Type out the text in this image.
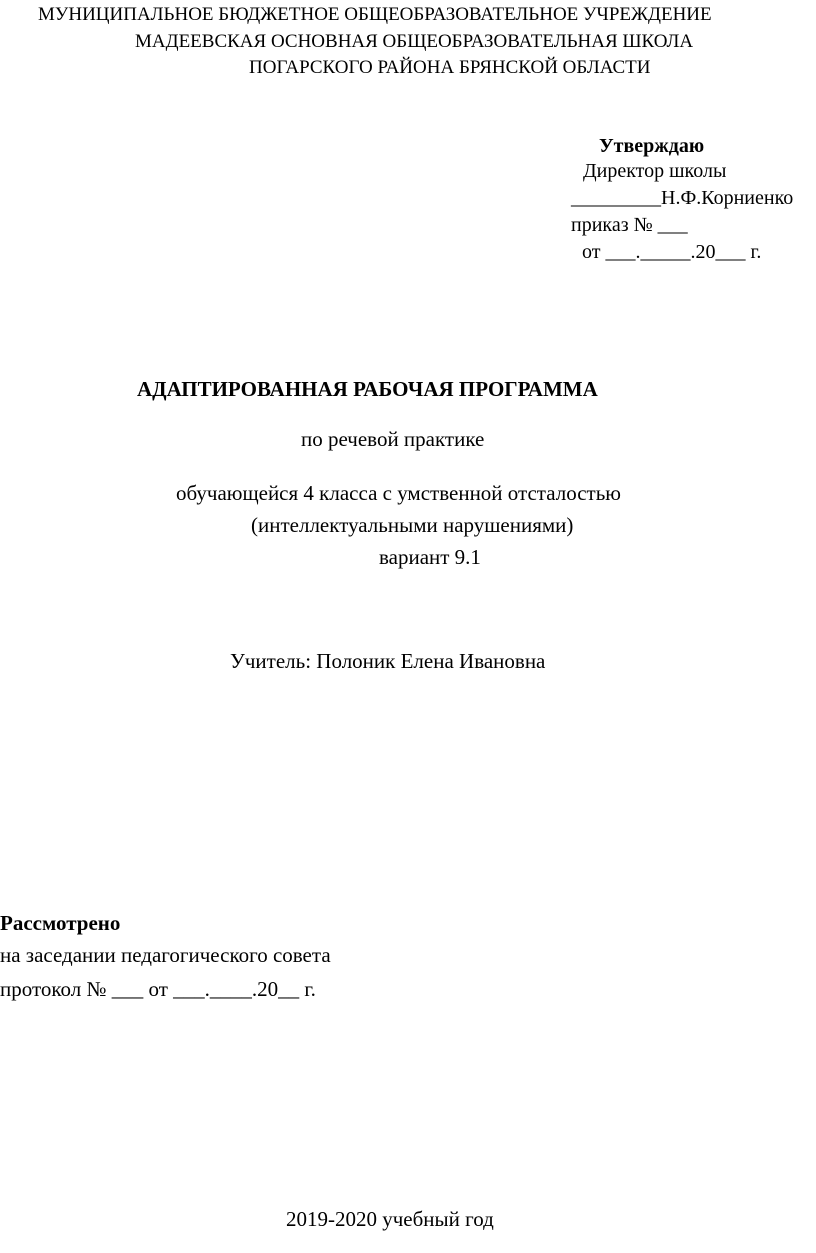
МУНИЦИПАЛЬНОЕ БЮДЖЕТНОЕ ОБЩЕОБРАЗОВАТЕЛЬНОЕ УЧРЕЖДЕНИЕ
МАДЕЕВСКАЯ ОСНОВНАЯ ОБЩЕОБРАЗОВАТЕЛЬНАЯ ШКОЛА
ПОГАРСКОГО РАЙОНА БРЯНСКОЙ ОБЛАСТИ
Утверждаю
Директор школы
_________Н.Ф.Корниенко
приказ № ___
от ___._____.20___ г.
АДАПТИРОВАННАЯ РАБОЧАЯ ПРОГРАММА
по речевой практике
обучающейся 4 класса с умственной отсталостью
(интеллектуальными нарушениями)
вариант 9.1
Учитель: Полоник Елена Ивановна
Рассмотрено
на заседании педагогического совета
протокол № ___ от ___.____.20__ г.
2019-2020 учебный год
